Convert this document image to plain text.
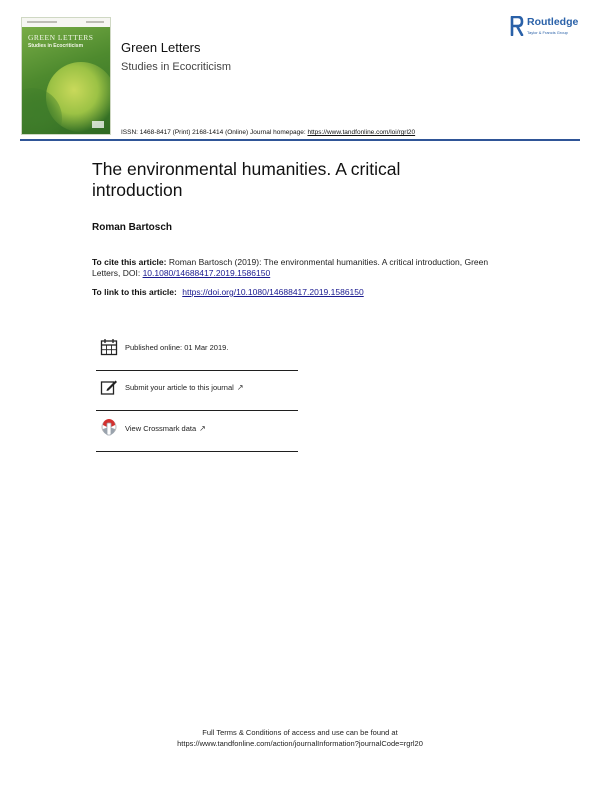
GREEN LETTERS
Studies in Ecocriticism	Green Letters

Studies in Ecocriticism

ISSN: 1468-8417 (Print) 2168-1414 (Online) Journal homepage: https://www.tandfonline.com/loi/rgrl20
Routledge
Taylor & Francis Group
The environmental humanities. A critical introduction
Roman Bartosch
To cite this article: Roman Bartosch (2019): The environmental humanities. A critical introduction, Green Letters, DOI: 10.1080/14688417.2019.1586150
To link to this article: https://doi.org/10.1080/14688417.2019.1586150
Published online: 01 Mar 2019.
Submit your article to this journal ↗
View Crossmark data ↗
Full Terms & Conditions of access and use can be found at
https://www.tandfonline.com/action/journalInformation?journalCode=rgrl20
